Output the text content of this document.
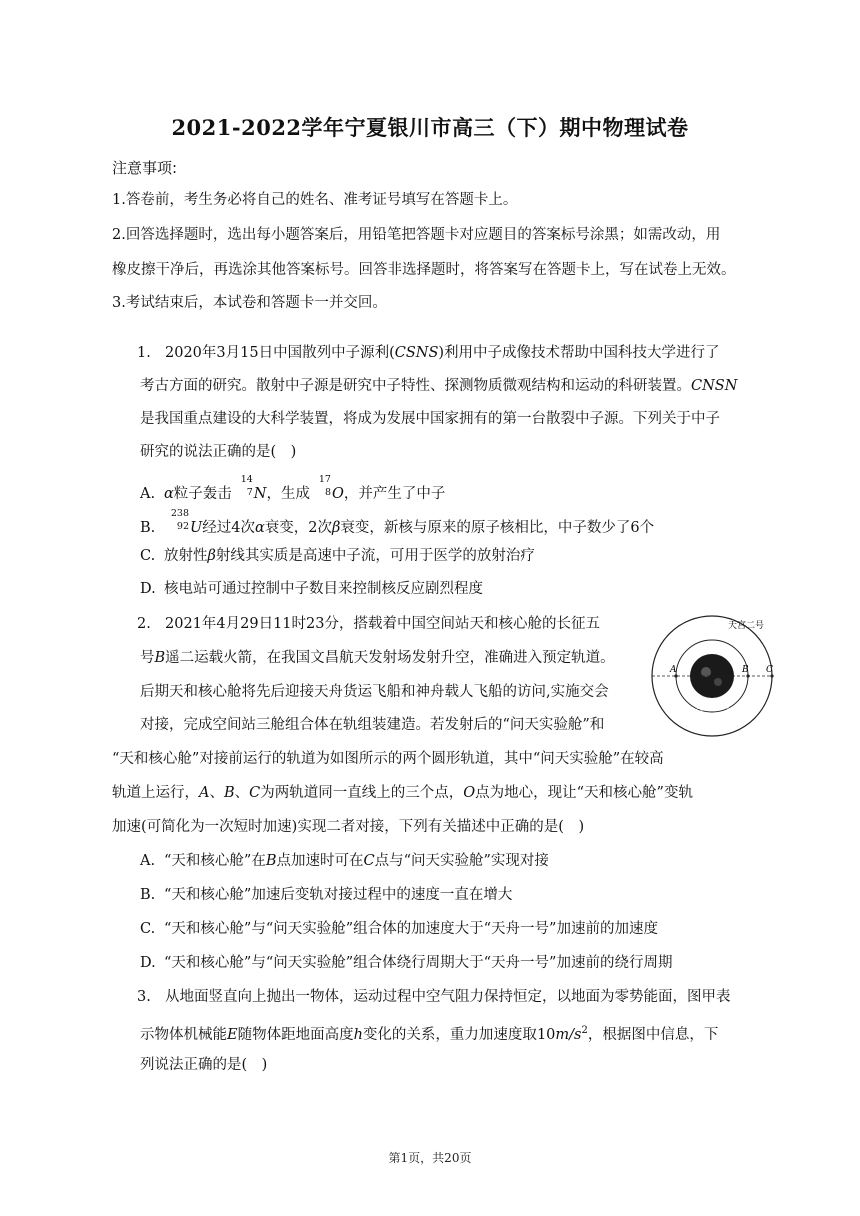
2021-2022学年宁夏银川市高三（下）期中物理试卷
注意事项:
1.答卷前，考生务必将自己的姓名、准考证号填写在答题卡上。
2.回答选择题时，选出每小题答案后，用铅笔把答题卡对应题目的答案标号涂黑；如需改动，用
橡皮擦干净后，再选涂其他答案标号。回答非选择题时，将答案写在答题卡上，写在试卷上无效。
3.考试结束后，本试卷和答题卡一并交回。
1. 2020年3月15日中国散列中子源利(CSNS)利用中子成像技术帮助中国科技大学进行了
考古方面的研究。散射中子源是研究中子特性、探测物质微观结构和运动的科研装置。CNSN
是我国重点建设的大科学装置，将成为发展中国家拥有的第一台散裂中子源。下列关于中子
研究的说法正确的是(　)
A. α粒子轰击
14
7 N，生成
17
8 O，并产生了中子
B.
238
92 U经过4次α衰变，2次β衰变，新核与原来的原子核相比，中子数少了6个
C. 放射性β射线其实质是高速中子流，可用于医学的放射治疗
D. 核电站可通过控制中子数目来控制核反应剧烈程度
2. 2021年4月29日11时23分，搭载着中国空间站天和核心舱的长征五
号B遥二运载火箭，在我国文昌航天发射场发射升空，准确进入预定轨道。
后期天和核心舱将先后迎接天舟货运飞船和神舟载人飞船的访问,实施交会
对接，完成空间站三舱组合体在轨组装建造。若发射后的“问天实验舱”和
“天和核心舱”对接前运行的轨道为如图所示的两个圆形轨道，其中“问天实验舱”在较高
轨道上运行，A、B、C为两轨道同一直线上的三个点，O点为地心，现让“天和核心舱”变轨
加速(可简化为一次短时加速)实现二者对接，下列有关描述中正确的是(　)
A. “天和核心舱”在B点加速时可在C点与“问天实验舱”实现对接
B. “天和核心舱”加速后变轨对接过程中的速度一直在增大
C. “天和核心舱”与“问天实验舱”组合体的加速度大于“天舟一号”加速前的加速度
D. “天和核心舱”与“问天实验舱”组合体绕行周期大于“天舟一号”加速前的绕行周期
天宫二号
天舟一号
A	B C
3. 从地面竖直向上抛出一物体，运动过程中空气阻力保持恒定，以地面为零势能面，图甲表
示物体机械能E随物体距地面高度h变化的关系，重力加速度取$10m/s^2$，根据图中信息，下
列说法正确的是(　)
第1页，共20页
